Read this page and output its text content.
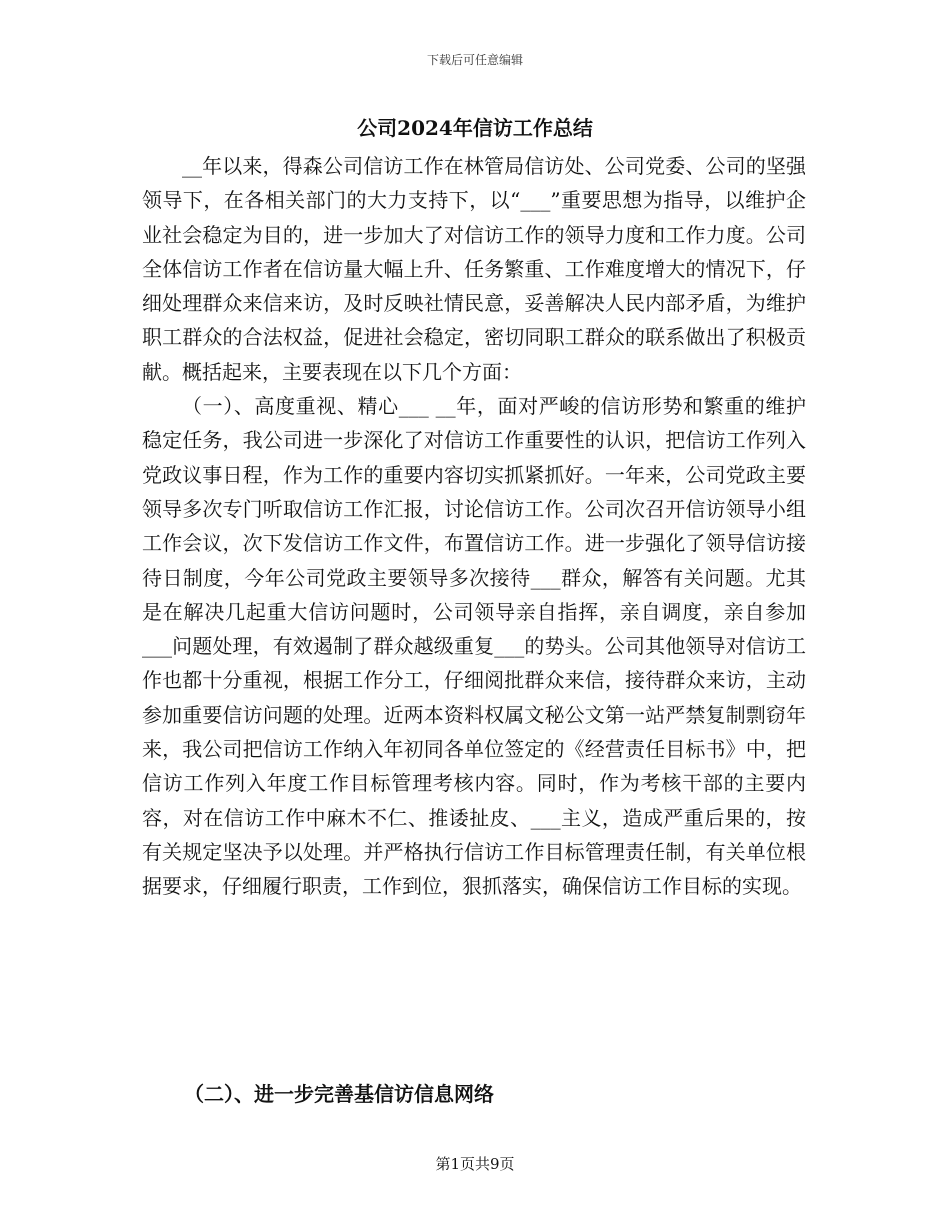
下载后可任意编辑
公司2024年信访工作总结

__年以来，得森公司信访工作在林管局信访处、公司党委、公司的坚强领导下，在各相关部门的大力支持下，以“___”重要思想为指导，以维护企业社会稳定为目的，进一步加大了对信访工作的领导力度和工作力度。公司全体信访工作者在信访量大幅上升、任务繁重、工作难度增大的情况下，仔细处理群众来信来访，及时反映社情民意，妥善解决人民内部矛盾，为维护职工群众的合法权益，促进社会稳定，密切同职工群众的联系做出了积极贡献。概括起来，主要表现在以下几个方面：

（一）、高度重视、精心___ __年，面对严峻的信访形势和繁重的维护稳定任务，我公司进一步深化了对信访工作重要性的认识，把信访工作列入党政议事日程，作为工作的重要内容切实抓紧抓好。一年来，公司党政主要领导多次专门听取信访工作汇报，讨论信访工作。公司次召开信访领导小组工作会议，次下发信访工作文件，布置信访工作。进一步强化了领导信访接待日制度，今年公司党政主要领导多次接待___群众，解答有关问题。尤其是在解决几起重大信访问题时，公司领导亲自指挥，亲自调度，亲自参加___问题处理，有效遏制了群众越级重复___的势头。公司其他领导对信访工作也都十分重视，根据工作分工，仔细阅批群众来信，接待群众来访，主动参加重要信访问题的处理。近两本资料权属文秘公文第一站严禁复制剽窃年来，我公司把信访工作纳入年初同各单位签定的《经营责任目标书》中，把信访工作列入年度工作目标管理考核内容。同时，作为考核干部的主要内容，对在信访工作中麻木不仁、推诿扯皮、___主义，造成严重后果的，按有关规定坚决予以处理。并严格执行信访工作目标管理责任制，有关单位根据要求，仔细履行职责，工作到位，狠抓落实，确保信访工作目标的实现。

（二）、进一步完善基信访信息网络
第1页共9页
